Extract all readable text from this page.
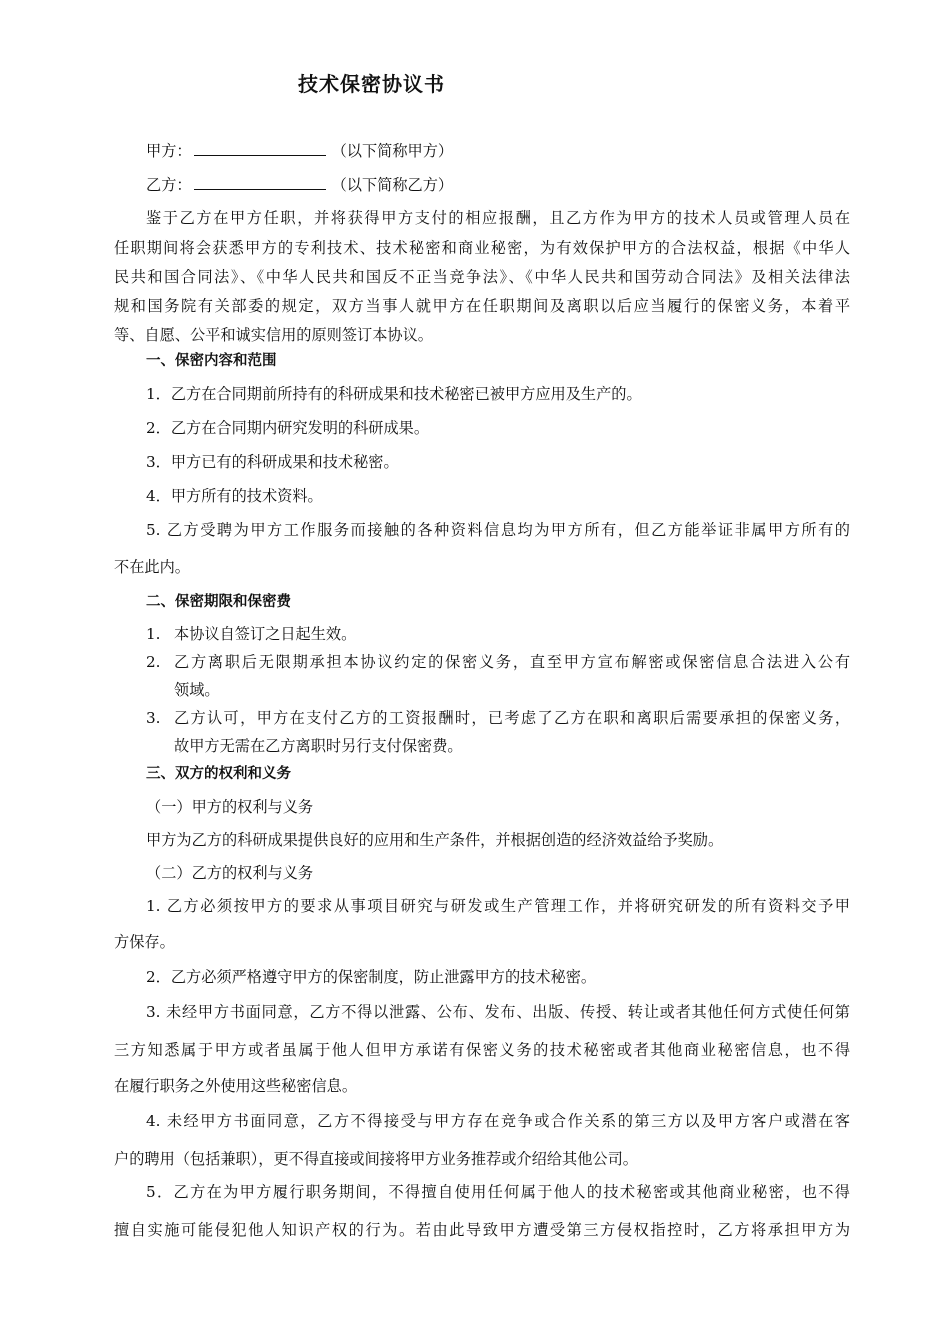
技术保密协议书
甲方：	（以下简称甲方）
乙方：	（以下简称乙方）
鉴于乙方在甲方任职，并将获得甲方支付的相应报酬，且乙方作为甲方的技术人员或管理人员在
任职期间将会获悉甲方的专利技术、技术秘密和商业秘密，为有效保护甲方的合法权益，根据《中华人
民共和国合同法》、《中华人民共和国反不正当竞争法》、《中华人民共和国劳动合同法》及相关法律法
规和国务院有关部委的规定，双方当事人就甲方在任职期间及离职以后应当履行的保密义务，本着平
等、自愿、公平和诚实信用的原则签订本协议。
一、保密内容和范围
1．乙方在合同期前所持有的科研成果和技术秘密已被甲方应用及生产的。
2．乙方在合同期内研究发明的科研成果。
3．甲方已有的科研成果和技术秘密。
4．甲方所有的技术资料。
5. 乙方受聘为甲方工作服务而接触的各种资料信息均为甲方所有，但乙方能举证非属甲方所有的
不在此内。
二、保密期限和保密费
1. 本协议自签订之日起生效。
2. 乙方离职后无限期承担本协议约定的保密义务，直至甲方宣布解密或保密信息合法进入公有
领域。
3. 乙方认可，甲方在支付乙方的工资报酬时，已考虑了乙方在职和离职后需要承担的保密义务，
故甲方无需在乙方离职时另行支付保密费。
三、双方的权利和义务
（一）甲方的权利与义务
甲方为乙方的科研成果提供良好的应用和生产条件，并根据创造的经济效益给予奖励。
（二）乙方的权利与义务
1. 乙方必须按甲方的要求从事项目研究与研发或生产管理工作，并将研究研发的所有资料交予甲
方保存。
2．乙方必须严格遵守甲方的保密制度，防止泄露甲方的技术秘密。
3. 未经甲方书面同意，乙方不得以泄露、公布、发布、出版、传授、转让或者其他任何方式使任何第
三方知悉属于甲方或者虽属于他人但甲方承诺有保密义务的技术秘密或者其他商业秘密信息，也不得
在履行职务之外使用这些秘密信息。
4. 未经甲方书面同意，乙方不得接受与甲方存在竞争或合作关系的第三方以及甲方客户或潜在客
户的聘用（包括兼职），更不得直接或间接将甲方业务推荐或介绍给其他公司。
5．乙方在为甲方履行职务期间，不得擅自使用任何属于他人的技术秘密或其他商业秘密，也不得
擅自实施可能侵犯他人知识产权的行为。若由此导致甲方遭受第三方侵权指控时，乙方将承担甲方为
